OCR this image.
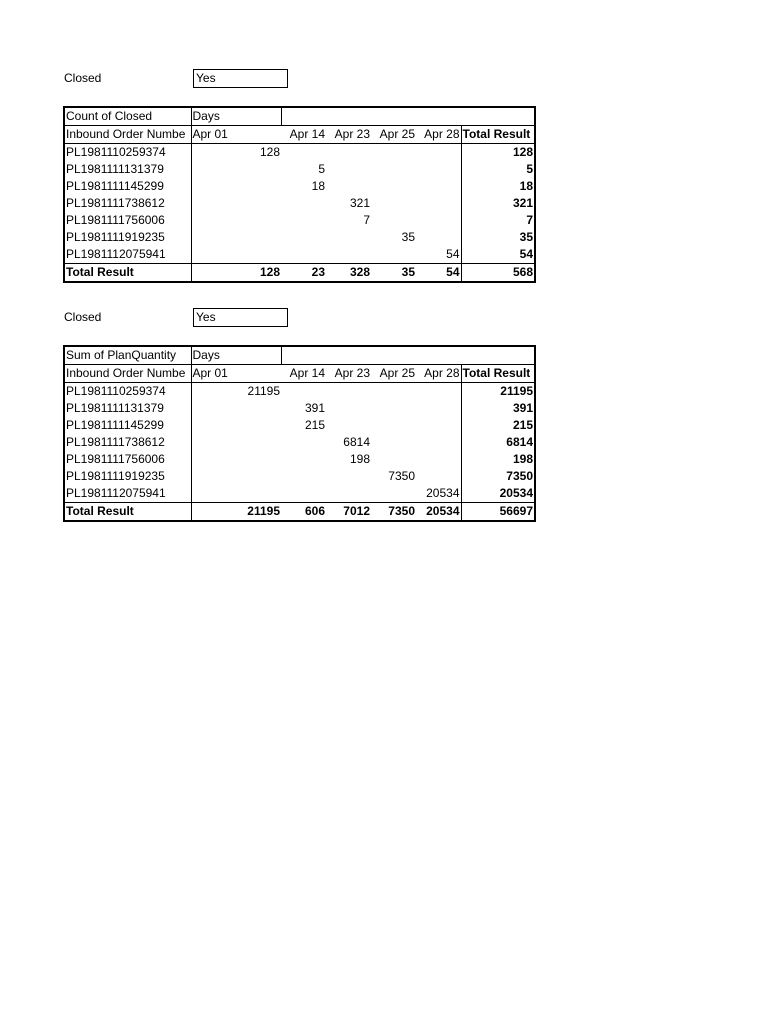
Closed	Yes
Count of Closed	Days					
Inbound Order Numbe	Apr 01	Apr 14	Apr 23	Apr 25	Apr 28	Total Result
PL1981110259374	128					128
PL1981111131379		5				5
PL1981111145299		18				18
PL1981111738612			321			321
PL1981111756006			7			7
PL1981111919235				35		35
PL1981112075941					54	54
Total Result	128	23	328	35	54	568
Closed	Yes
Sum of PlanQuantity	Days					
Inbound Order Numbe	Apr 01	Apr 14	Apr 23	Apr 25	Apr 28	Total Result
PL1981110259374	21195					21195
PL1981111131379		391				391
PL1981111145299		215				215
PL1981111738612			6814			6814
PL1981111756006			198			198
PL1981111919235				7350		7350
PL1981112075941					20534	20534
Total Result	21195	606	7012	7350	20534	56697
